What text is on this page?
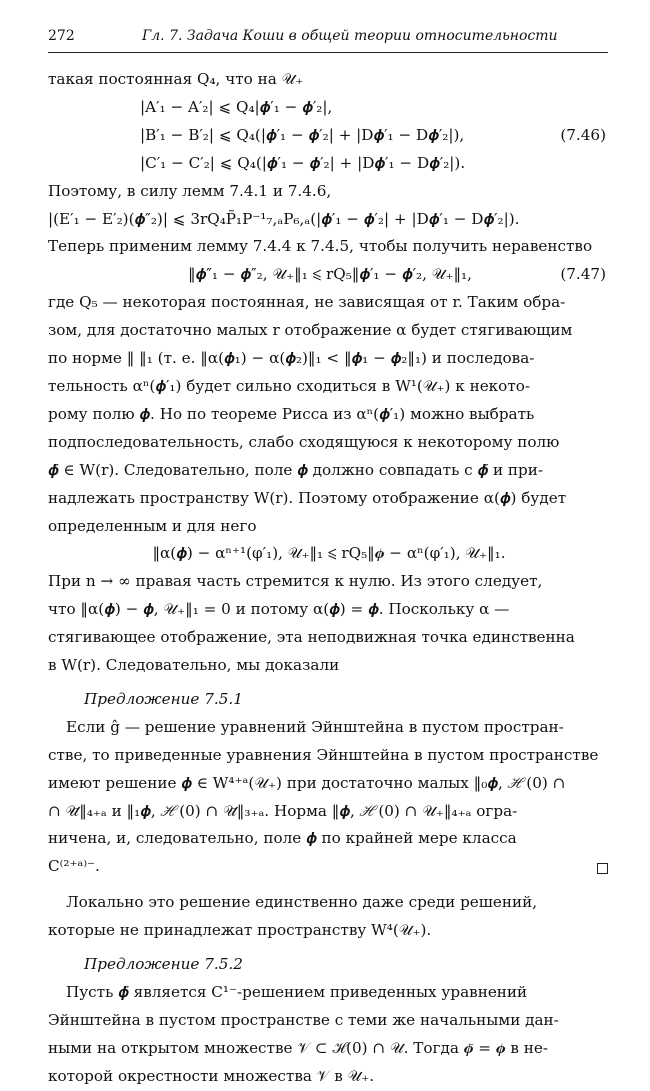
272	Гл. 7. Задача Коши в общей теории относительности
такая постоянная Q₄, что на 𝒰₊
|A′₁ − A′₂| ⩽ Q₄|𝝓′₁ − 𝝓′₂|,
|B′₁ − B′₂| ⩽ Q₄(|𝝓′₁ − 𝝓′₂| + |D𝝓′₁ − D𝝓′₂|),	(7.46)
|C′₁ − C′₂| ⩽ Q₄(|𝝓′₁ − 𝝓′₂| + |D𝝓′₁ − D𝝓′₂|).
Поэтому, в силу лемм 7.4.1 и 7.4.6,
|(E′₁ − E′₂)(𝝓″₂)| ⩽ 3rQ₄P̃₁P⁻¹₇,ₐP₆,ₐ(|𝝓′₁ − 𝝓′₂| + |D𝝓′₁ − D𝝓′₂|).
Теперь применим лемму 7.4.4 к 7.4.5, чтобы получить неравенство
‖𝝓″₁ − 𝝓″₂, 𝒰₊‖₁ ⩽ rQ₅‖𝝓′₁ − 𝝓′₂, 𝒰₊‖₁,	(7.47)
где Q₅ — некоторая постоянная, не зависящая от r. Таким обра-
зом, для достаточно малых r отображение α будет стягивающим
по норме ‖ ‖₁ (т. е. ‖α(𝝓₁) − α(𝝓₂)‖₁ < ‖𝝓₁ − 𝝓₂‖₁) и последова-
тельность αⁿ(𝝓′₁) будет сильно сходиться в W¹(𝒰₊) к некото-
рому полю 𝝓. Но по теореме Рисса из αⁿ(𝝓′₁) можно выбрать
подпоследовательность, слабо сходящуюся к некоторому полю
𝝓̃ ∈ W(r). Следовательно, поле 𝝓 должно совпадать с 𝝓̃ и при-
надлежать пространству W(r). Поэтому отображение α(𝝓) будет
определенным и для него
‖α(𝝓) − αⁿ⁺¹(φ′₁), 𝒰₊‖₁ ⩽ rQ₅‖𝝓 − αⁿ(φ′₁), 𝒰₊‖₁.
При n → ∞ правая часть стремится к нулю. Из этого следует,
что ‖α(𝝓) − 𝝓, 𝒰₊‖₁ = 0 и потому α(𝝓) = 𝝓. Поскольку α —
стягивающее отображение, эта неподвижная точка единственна
в W(r). Следовательно, мы доказали
Предложение 7.5.1
Если ĝ — решение уравнений Эйнштейна в пустом простран-
стве, то приведенные уравнения Эйнштейна в пустом пространстве
имеют решение 𝝓 ∈ W⁴⁺ᵃ(𝒰₊) при достаточно малых ‖₀𝝓, ℋ(0) ∩
∩ 𝒰̄‖₄₊ₐ и ‖₁𝝓, ℋ(0) ∩ 𝒰̄‖₃₊ₐ. Норма ‖𝝓, ℋ(0) ∩ 𝒰₊‖₄₊ₐ огра-
ничена, и, следовательно, поле 𝝓 по крайней мере класса
C⁽²⁺ᵃ⁾⁻.
Локально это решение единственно даже среди решений,
которые не принадлежат пространству W⁴(𝒰₊).
Предложение 7.5.2
Пусть 𝝓̃ является C¹⁻-решением приведенных уравнений
Эйнштейна в пустом пространстве с теми же начальными дан-
ными на открытом множестве 𝒱 ⊂ ℋ(0) ∩ 𝒰. Тогда 𝝓̃ = 𝝓 в не-
которой окрестности множества 𝒱 в 𝒰₊.
